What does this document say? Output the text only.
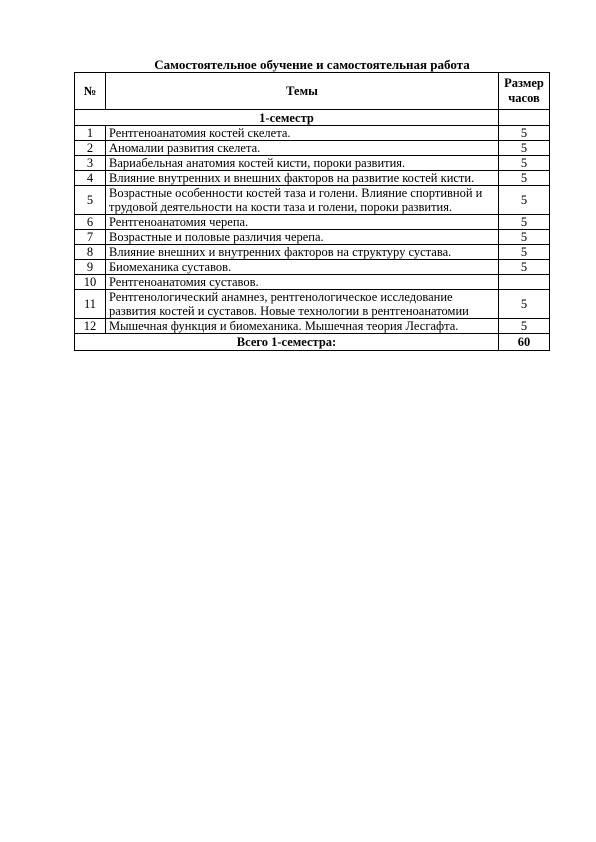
Самостоятельное обучение и самостоятельная работа
№	Темы	Размер часов
1-семестр		
1	Рентгеноанатомия костей скелета.	5
2	Аномалии развития скелета.	5
3	Вариабельная анатомия костей кисти, пороки развития.	5
4	Влияние внутренних и внешних факторов на развитие костей кисти.	5
5	Возрастные особенности костей таза и голени. Влияние спортивной и трудовой деятельности на кости таза и голени, пороки развития.	5
6	Рентгеноанатомия черепа.	5
7	Возрастные и половые различия черепа.	5
8	Влияние внешних и внутренних факторов на структуру сустава.	5
9	Биомеханика суставов.	5
10	Рентгеноанатомия суставов.	
11	Рентгенологический анамнез, рентгенологическое исследование развития костей и суставов. Новые технологии в рентгеноанатомии	5
12	Мышечная функция и биомеханика. Мышечная теория Лесгафта.	5
Всего 1-семестра:		60
